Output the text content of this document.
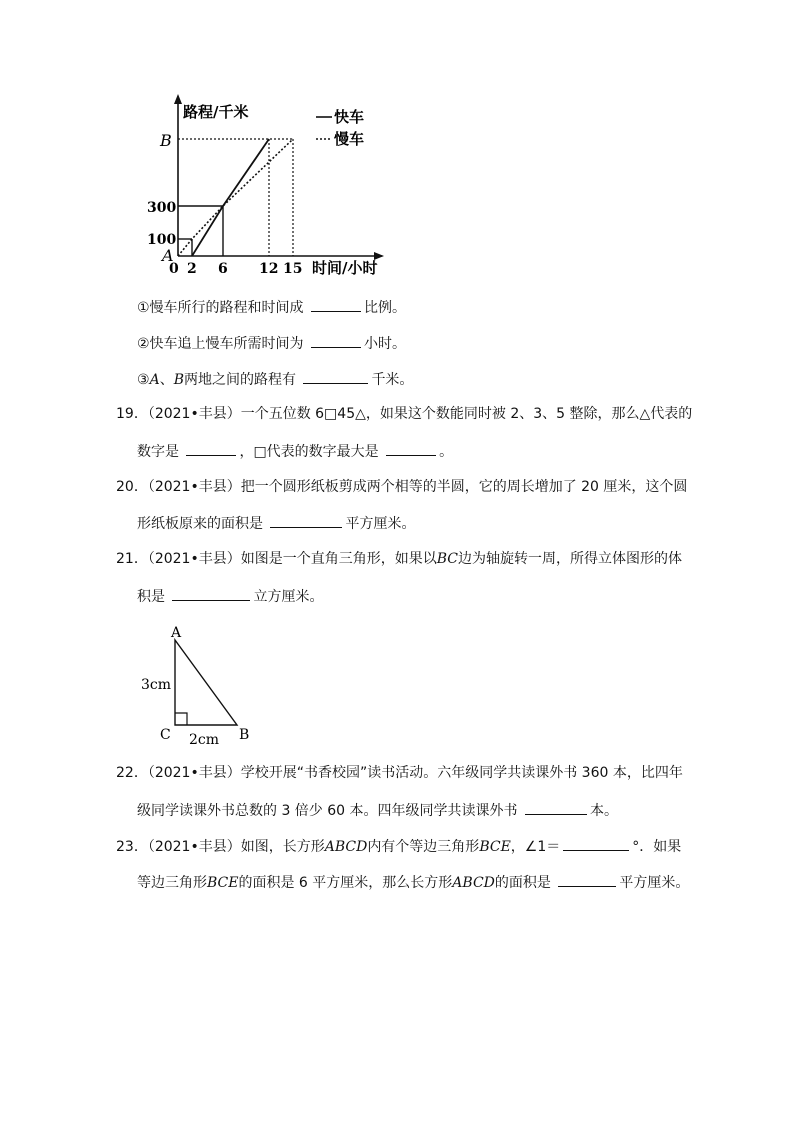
路程/千米
时间/小时
快车
慢车
B
300
100
A
0 2 6 12 15
①慢车所行的路程和时间成	比例。
②快车追上慢车所需时间为	小时。
③A、B两地之间的路程有	千米。
19．（2021•丰县）一个五位数 6□45△，如果这个数能同时被 2、3、5 整除，那么△代表的
数字是	，□代表的数字最大是	。
20．（2021•丰县）把一个圆形纸板剪成两个相等的半圆，它的周长增加了 20 厘米，这个圆
形纸板原来的面积是	平方厘米。
21．（2021•丰县）如图是一个直角三角形，如果以BC边为轴旋转一周，所得立体图形的体
积是	立方厘米。
A
C	B
3cm
2cm
22．（2021•丰县）学校开展“书香校园”读书活动。六年级同学共读课外书 360 本，比四年
级同学读课外书总数的 3 倍少 60 本。四年级同学共读课外书	本。
23．（2021•丰县）如图，长方形ABCD内有个等边三角形BCE，∠1＝	°．如果
等边三角形BCE的面积是 6 平方厘米，那么长方形ABCD的面积是	平方厘米。
